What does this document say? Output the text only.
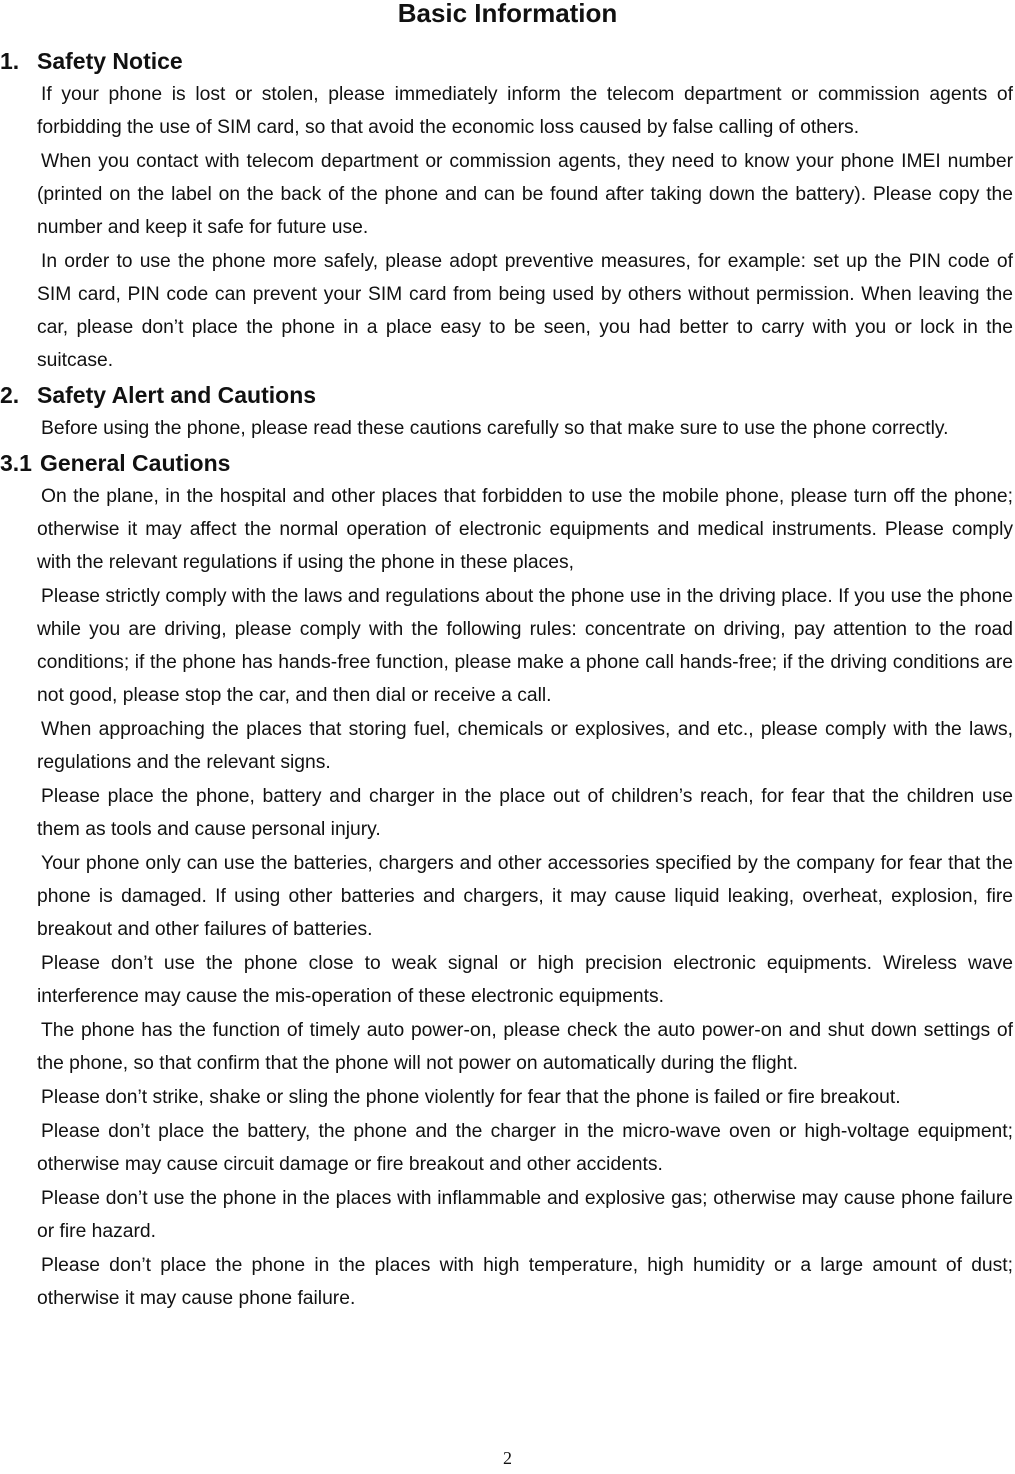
Basic Information
1. Safety Notice

If your phone is lost or stolen, please immediately inform the telecom department or commission agents of forbidding the use of SIM card, so that avoid the economic loss caused by false calling of others.

When you contact with telecom department or commission agents, they need to know your phone IMEI number (printed on the label on the back of the phone and can be found after taking down the battery). Please copy the number and keep it safe for future use.

In order to use the phone more safely, please adopt preventive measures, for example: set up the PIN code of SIM card, PIN code can prevent your SIM card from being used by others without permission. When leaving the car, please don’t place the phone in a place easy to be seen, you had better to carry with you or lock in the suitcase.

2. Safety Alert and Cautions

Before using the phone, please read these cautions carefully so that make sure to use the phone correctly.

3.1 General Cautions

On the plane, in the hospital and other places that forbidden to use the mobile phone, please turn off the phone; otherwise it may affect the normal operation of electronic equipments and medical instruments. Please comply with the relevant regulations if using the phone in these places,

Please strictly comply with the laws and regulations about the phone use in the driving place. If you use the phone while you are driving, please comply with the following rules: concentrate on driving, pay attention to the road conditions; if the phone has hands-free function, please make a phone call hands-free; if the driving conditions are not good, please stop the car, and then dial or receive a call.

When approaching the places that storing fuel, chemicals or explosives, and etc., please comply with the laws, regulations and the relevant signs.

Please place the phone, battery and charger in the place out of children’s reach, for fear that the children use them as tools and cause personal injury.

Your phone only can use the batteries, chargers and other accessories specified by the company for fear that the phone is damaged. If using other batteries and chargers, it may cause liquid leaking, overheat, explosion, fire breakout and other failures of batteries.

Please don’t use the phone close to weak signal or high precision electronic equipments. Wireless wave interference may cause the mis-operation of these electronic equipments.

The phone has the function of timely auto power-on, please check the auto power-on and shut down settings of the phone, so that confirm that the phone will not power on automatically during the flight.

Please don’t strike, shake or sling the phone violently for fear that the phone is failed or fire breakout.

Please don’t place the battery, the phone and the charger in the micro-wave oven or high-voltage equipment; otherwise may cause circuit damage or fire breakout and other accidents.

Please don’t use the phone in the places with inflammable and explosive gas; otherwise may cause phone failure or fire hazard.

Please don’t place the phone in the places with high temperature, high humidity or a large amount of dust; otherwise it may cause phone failure.

2
